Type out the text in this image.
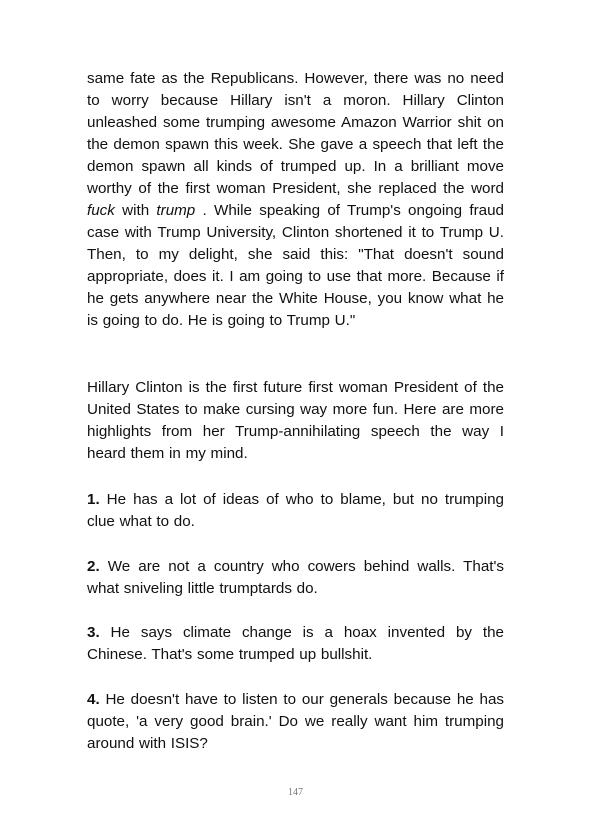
same fate as the Republicans. However, there was no need to worry because Hillary isn't a moron. Hillary Clinton unleashed some trumping awesome Amazon Warrior shit on the demon spawn this week. She gave a speech that left the demon spawn all kinds of trumped up. In a brilliant move worthy of the first woman President, she replaced the word fuck with trump . While speaking of Trump's ongoing fraud case with Trump University, Clinton shortened it to Trump U. Then, to my delight, she said this: "That doesn't sound appropriate, does it. I am going to use that more. Because if he gets anywhere near the White House, you know what he is going to do. He is going to Trump U."

Hillary Clinton is the first future first woman President of the United States to make cursing way more fun. Here are more highlights from her Trump-annihilating speech the way I heard them in my mind.

1. He has a lot of ideas of who to blame, but no trumping clue what to do.

2. We are not a country who cowers behind walls. That's what sniveling little trumptards do.

3. He says climate change is a hoax invented by the Chinese. That's some trumped up bullshit.

4. He doesn't have to listen to our generals because he has quote, 'a very good brain.' Do we really want him trumping around with ISIS?

147
